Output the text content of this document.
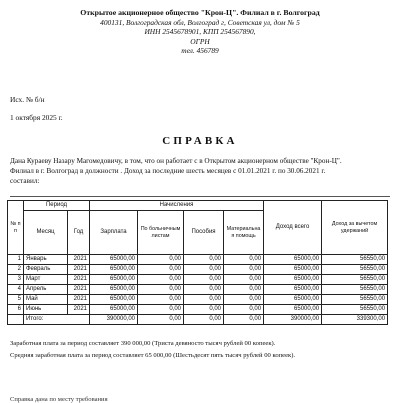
Открытое акционерное общество "Крон-Ц". Филиал в г. Волгоград
400131, Волгоградская обл, Волгоград г, Советская ул, дом № 5
ИНН 2545678901, КПП 254567890,
ОГРН
тел. 456789
Исх. № б/н
1 октября 2025 г.
СПРАВКА
Дана Кураеву Назару Магомедовичу, в том, что он работает с в Открытом акционерном обществе "Крон-Ц".
Филиал в г. Волгоград в должности . Доход за последние шесть месяцев с 01.01.2021 г. по 30.06.2021 г.
составил:
№ п п	Период		Начисления				Доход всего	Доход за вычетом удержаний
	Месяц	Год	Зарплата	По больничным листам	Пособия	Материальна я помощь		
1	Январь	2021	65000,00	0,00	0,00	0,00	65000,00	56550,00
2	Февраль	2021	65000,00	0,00	0,00	0,00	65000,00	56550,00
3	Март	2021	65000,00	0,00	0,00	0,00	65000,00	56550,00
4	Апрель	2021	65000,00	0,00	0,00	0,00	65000,00	56550,00
5	Май	2021	65000,00	0,00	0,00	0,00	65000,00	56550,00
6	Июнь	2021	65000,00	0,00	0,00	0,00	65000,00	56550,00
	Итого:		390000,00	0,00	0,00	0,00	390000,00	339300,00
Заработная плата за период составляет 390 000,00 (Триста девяносто тысяч рублей 00 копеек).
Средняя заработная плата за период составляет 65 000,00 (Шестьдесят пять тысяч рублей 00 копеек).
Справка дана по месту требования
